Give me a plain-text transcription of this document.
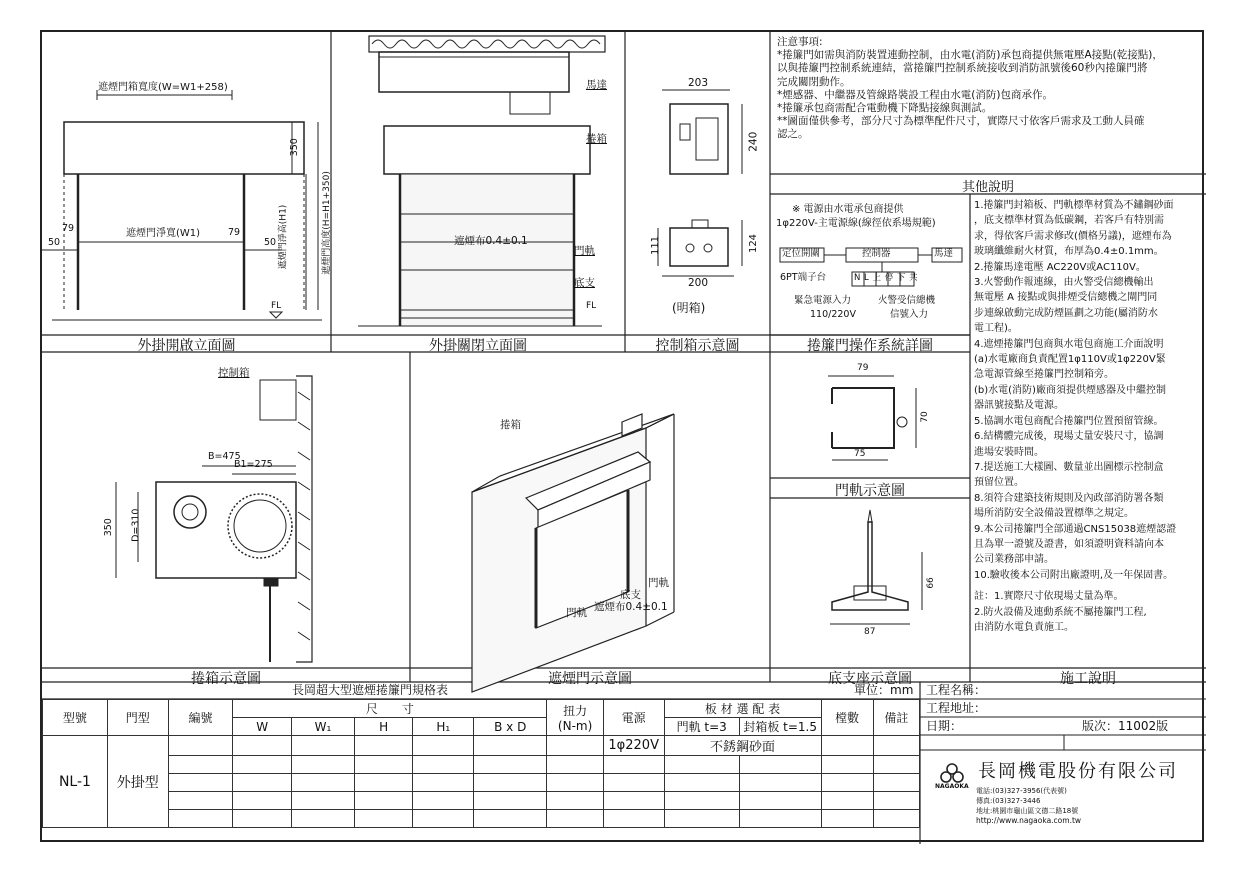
遮煙門箱寬度(W=W1+258)
79	遮煙門淨寬(W1)	79
50	50
350
遮煙門淨高(H1)	遮煙門高度(H=H1+350)
FL
外掛開啟立面圖
馬達
捲箱
遮煙布0.4±0.1
門軌
底支
FL
外掛關閉立面圖
203
240
111	124
200
(明箱)
控制箱示意圖
注意事項:
*捲簾門如需與消防裝置連動控制，由水電(消防)承包商提供無電壓A接點(乾接點)，
以與捲簾門控制系統連結，當捲簾門控制系統接收到消防訊號後60秒內捲簾門將
完成關閉動作。
*煙感器、中繼器及管線路裝設工程由水電(消防)包商承作。
*捲簾承包商需配合電動機下降點接線與測試。
**圖面僅供參考，部分尺寸為標準配件尺寸，實際尺寸依客戶需求及工動人員確
認之。
其他說明
※ 電源由水電承包商提供
1φ220V-主電源線(線徑依系場規範)
定位開關	控制器	馬達
6PT端子台	N L 上 停 下 共
緊急電源入力
110/220V
火警受信總機
信號入力
捲簾門操作系統詳圖
79
70
75
門軌示意圖
66
87
底支座示意圖
1.捲簾門封箱板、門軌標準材質為不鏽鋼砂面
，底支標準材質為低碳鋼，若客戶有特別需
求，得依客戶需求修改(價格另議)，遮煙布為
玻璃纖維耐火材質，布厚為0.4±0.1mm。
2.捲簾馬達電壓 AC220V或AC110V。
3.火警動作報連線，由火警受信總機輸出
無電壓 A 接點或與排煙受信總機之閘門同
步連線啟動完成防煙區劃之功能(屬消防水
電工程)。
4.遮煙捲簾門包商與水電包商施工介面說明
(a)水電廠商負責配置1φ110V或1φ220V緊
急電源管線至捲簾門控制箱旁。
(b)水電(消防)廠商須提供煙感器及中繼控制
器訊號接點及電源。
5.協調水電包商配合捲簾門位置預留管線。
6.結構體完成後，現場丈量安裝尺寸，協調
進場安裝時間。
7.提送施工大樣圖、數量並出圖標示控制盒
預留位置。
8.須符合建築技術規則及內政部消防署各類
場所消防安全設備設置標準之規定。
9.本公司捲簾門全部通過CNS15038遮煙認證
且為單一證號及證書，如須證明資料請向本
公司業務部申請。
10.驗收後本公司附出廠證明,及一年保固書。
註：1.實際尺寸依現場丈量為準。
2.防火設備及連動系統不屬捲簾門工程,
由消防水電負責施工。
施工說明
控制箱
B=475
B1=275
350 D=310
捲箱示意圖
捲箱
門軌
底支
遮煙布0.4±0.1
門軌
遮煙門示意圖
長岡超大型遮煙捲簾門規格表	單位：mm
型號	門型	編號	尺　　寸					扭力
(N-m)	電源	板 材 選 配 表		樘數	備註
			W	W₁	H	H₁	B x D			門軌 t=3	封箱板 t=1.5		
NL-1	外掛型								1φ220V	不銹鋼砂面			

工程名稱：
工程地址：
日期：	版次：11002版
NAGAOKA
長岡機電股份有限公司
電話:(03)327-3956(代表號)
傳真:(03)327-3446
地址:桃園市龜山區文德二路18號
http://www.nagaoka.com.tw
